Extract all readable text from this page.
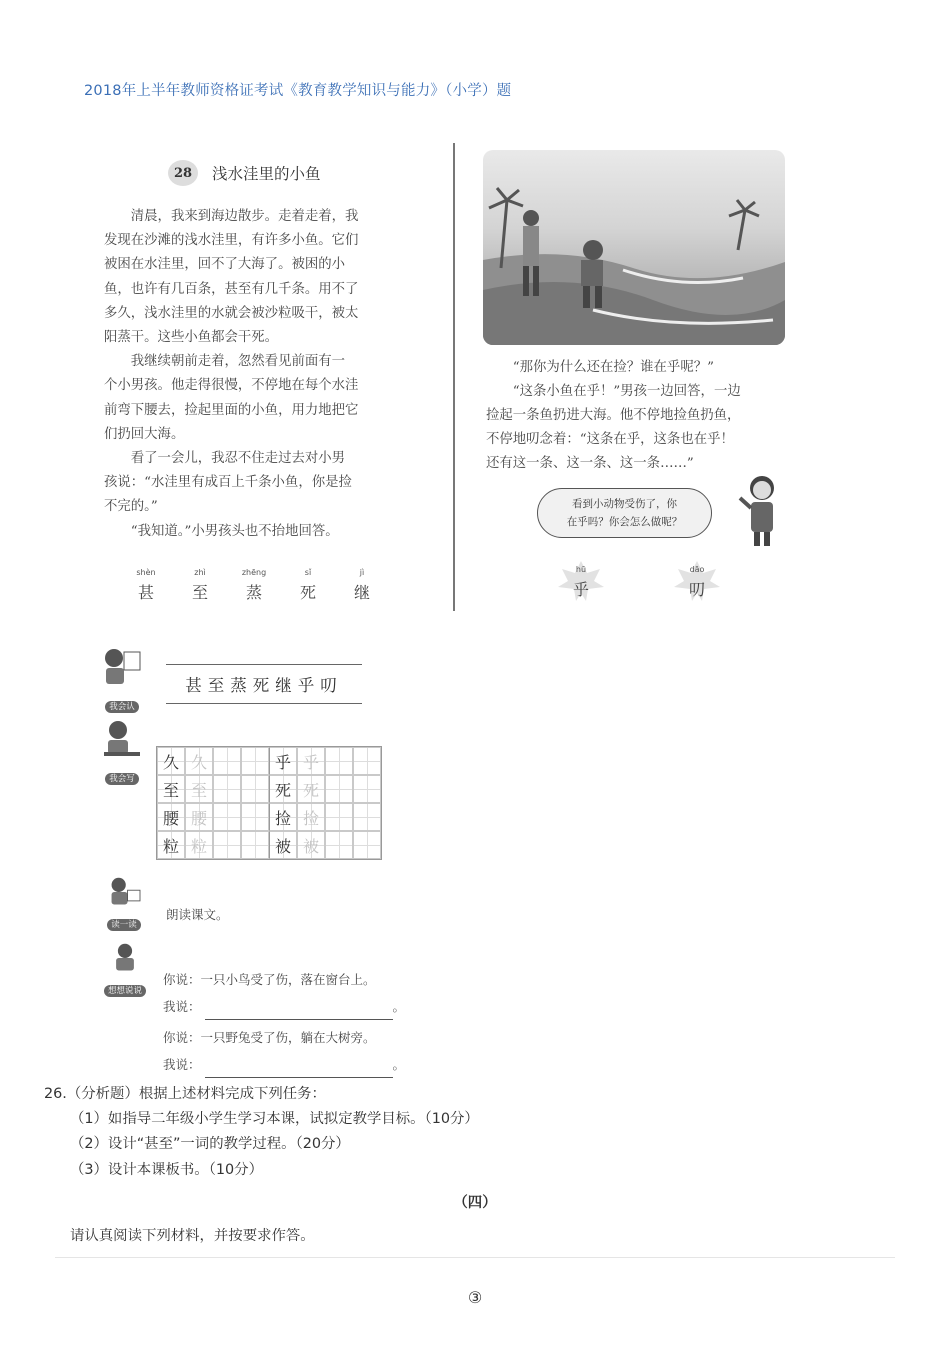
2018年上半年教师资格证考试《教育教学知识与能力》（小学）题
28	浅水洼里的小鱼

　　清晨，我来到海边散步。走着走着，我

发现在沙滩的浅水洼里，有许多小鱼。它们

被困在水洼里，回不了大海了。被困的小

鱼，也许有几百条，甚至有几千条。用不了

多久，浅水洼里的水就会被沙粒吸干，被太

阳蒸干。这些小鱼都会干死。

　　我继续朝前走着，忽然看见前面有一

个小男孩。他走得很慢，不停地在每个水洼

前弯下腰去，捡起里面的小鱼，用力地把它

们扔回大海。

　　看了一会儿，我忍不住走过去对小男

孩说：“水洼里有成百上千条小鱼，你是捡

不完的。”

　　“我知道。”小男孩头也不抬地回答。

shèn
甚
zhì
至
zhēng
蒸
sǐ
死
jì
继

　　“那你为什么还在捡？谁在乎呢？”

　　“这条小鱼在乎！”男孩一边回答，一边

捡起一条鱼扔进大海。他不停地捡鱼扔鱼，

不停地叨念着：“这条在乎，这条也在乎！

还有这一条、这一条、这一条……”

看到小动物受伤了，你
在乎吗？你会怎么做呢？
hū
乎
dāo
叨

我会认
甚至蒸死继乎叨

我会写
久 久	乎 乎
至 至	死 死
腰 腰	捡 捡
粒 粒	被 被

读一读
朗读课文。

想想说说
你说：一只小鸟受了伤，落在窗台上。
我说：	。
你说：一只野兔受了伤，躺在大树旁。
我说：	。
26.（分析题）根据上述材料完成下列任务：
（1）如指导二年级小学生学习本课，试拟定教学目标。（10分）
（2）设计“甚至”一词的教学过程。（20分）
（3）设计本课板书。（10分）
（四）
请认真阅读下列材料，并按要求作答。
③
